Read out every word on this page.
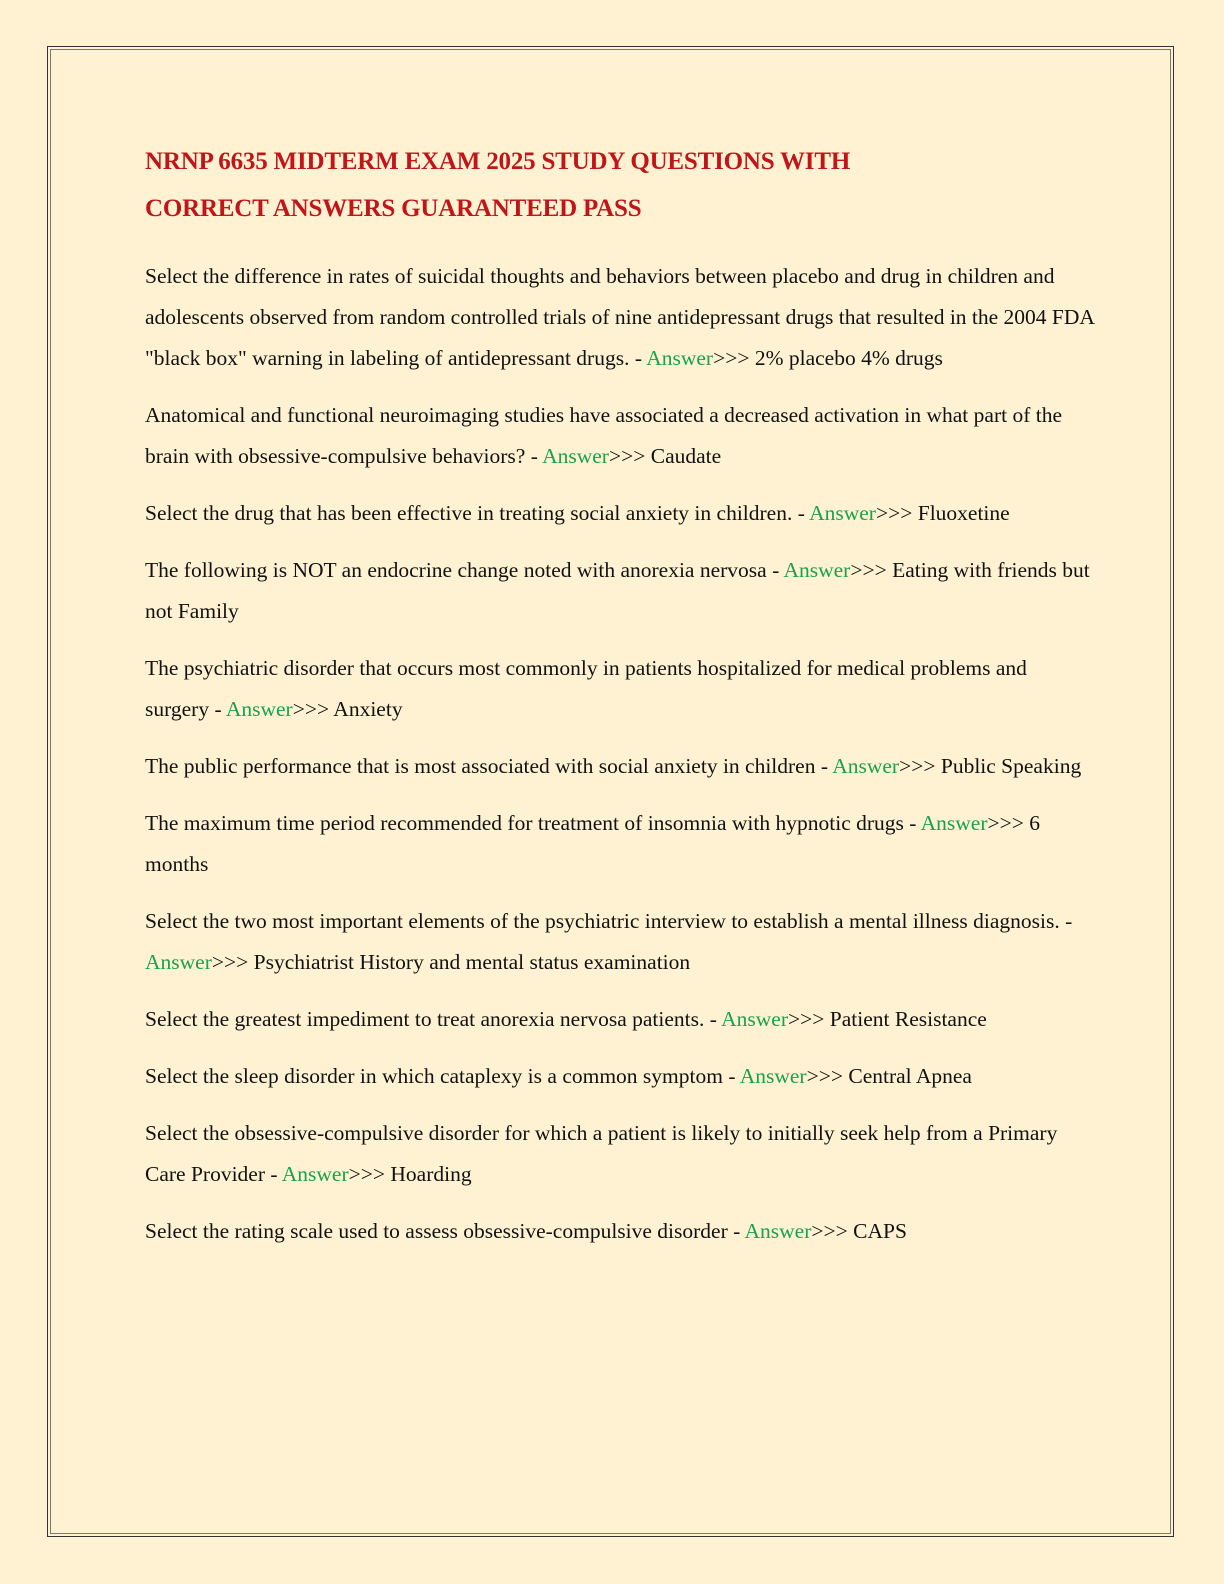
NRNP 6635 MIDTERM EXAM 2025 STUDY QUESTIONS WITH
CORRECT ANSWERS GUARANTEED PASS

Select the difference in rates of suicidal thoughts and behaviors between placebo and drug in children and adolescents observed from random controlled trials of nine antidepressant drugs that resulted in the 2004 FDA "black box" warning in labeling of antidepressant drugs. - Answer>>> 2% placebo 4% drugs

Anatomical and functional neuroimaging studies have associated a decreased activation in what part of the brain with obsessive-compulsive behaviors? - Answer>>> Caudate

Select the drug that has been effective in treating social anxiety in children. - Answer>>> Fluoxetine

The following is NOT an endocrine change noted with anorexia nervosa - Answer>>> Eating with friends but not Family

The psychiatric disorder that occurs most commonly in patients hospitalized for medical problems and surgery - Answer>>> Anxiety

The public performance that is most associated with social anxiety in children - Answer>>> Public Speaking

The maximum time period recommended for treatment of insomnia with hypnotic drugs - Answer>>> 6 months

Select the two most important elements of the psychiatric interview to establish a mental illness diagnosis. - Answer>>> Psychiatrist History and mental status examination

Select the greatest impediment to treat anorexia nervosa patients. - Answer>>> Patient Resistance

Select the sleep disorder in which cataplexy is a common symptom - Answer>>> Central Apnea

Select the obsessive-compulsive disorder for which a patient is likely to initially seek help from a Primary Care Provider - Answer>>> Hoarding

Select the rating scale used to assess obsessive-compulsive disorder - Answer>>> CAPS
